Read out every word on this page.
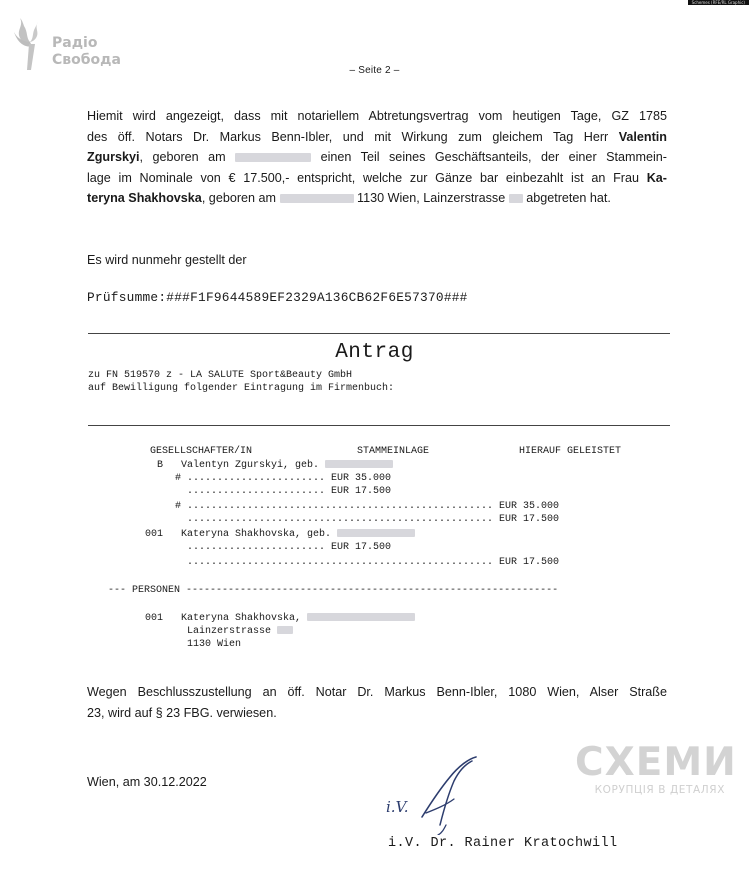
Schemes (RFE/RL Graphic)
Радіо
Свобода
– Seite 2 –
Hiemit wird angezeigt, dass mit notariellem Abtretungsvertrag vom heutigen Tage, GZ 1785
des öff. Notars Dr. Markus Benn-Ibler, und mit Wirkung zum gleichem Tag Herr Valentin
Zgurskyi, geboren am	einen Teil seines Geschäftsanteils, der einer Stammein-
lage im Nominale von € 17.500,- entspricht, welche zur Gänze bar einbezahlt ist an Frau Ka-
teryna Shakhovska, geboren am	1130 Wien, Lainzerstrasse  abgetreten hat.
Es wird nunmehr gestellt der
Prüfsumme:###F1F9644589EF2329A136CB62F6E57370###
Antrag
zu FN 519570 z - LA SALUTE Sport&Beauty GmbH
auf Bewilligung folgender Eintragung im Firmenbuch:
GESELLSCHAFTER/IN	STAMMEINLAGE	HIERAUF GELEISTET
B   Valentyn Zgurskyi, geb.
# ....................... EUR 35.000
....................... EUR 17.500
# ................................................... EUR 35.000
................................................... EUR 17.500
001   Kateryna Shakhovska, geb.
....................... EUR 17.500
................................................... EUR 17.500
--- PERSONEN --------------------------------------------------------------
001   Kateryna Shakhovska,
Lainzerstrasse
1130 Wien
Wegen Beschlusszustellung an öff. Notar Dr. Markus Benn-Ibler, 1080 Wien, Alser Straße
23, wird auf § 23 FBG. verwiesen.
Wien, am 30.12.2022	СХЕМИ
КОРУПЦІЯ В ДЕТАЛЯХ
i.V.
i.V. Dr. Rainer Kratochwill
